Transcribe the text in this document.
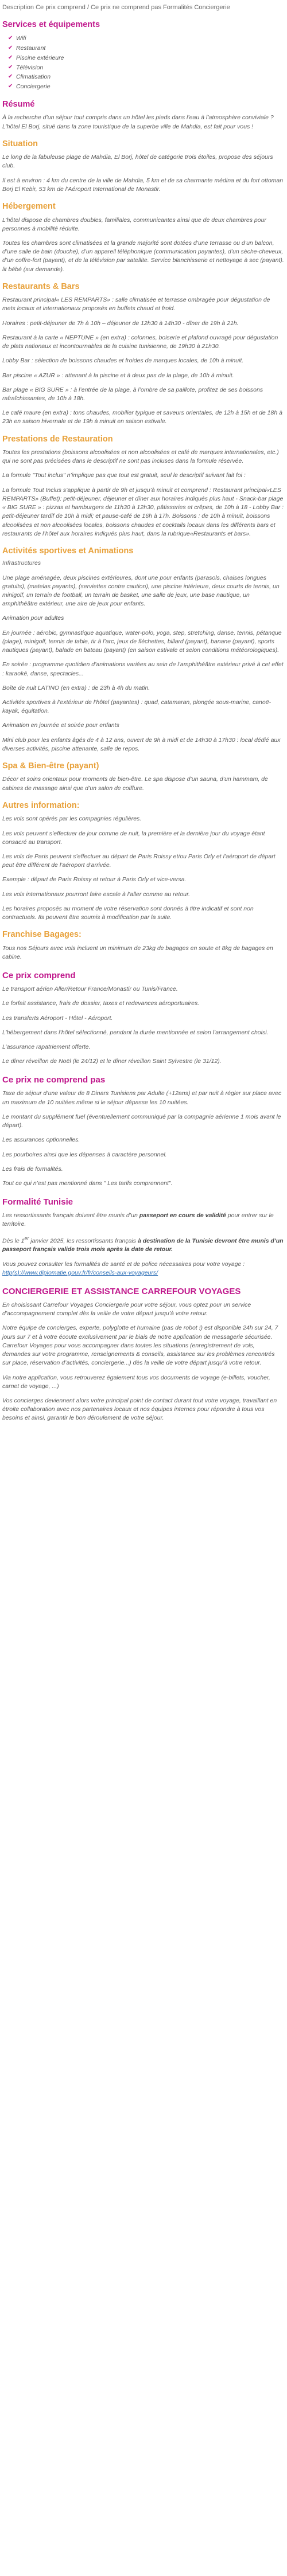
Description Ce prix comprend / Ce prix ne comprend pas Formalités Conciergerie
Services et équipements
✔ Wifi
✔ Restaurant
✔ Piscine extérieure
✔ Télévision
✔ Climatisation
✔ Conciergerie
Résumé

À la recherche d’un séjour tout compris dans un hôtel les pieds dans l’eau à l’atmosphère conviviale ? L’hôtel El Borj, situé dans la zone touristique de la superbe ville de Mahdia, est fait pour vous !

Situation

Le long de la fabuleuse plage de Mahdia, El Borj, hôtel de catégorie trois étoiles, propose des séjours club.

Il est à environ : 4 km du centre de la ville de Mahdia, 5 km et de sa charmante médina et du fort ottoman Borj El Kebir, 53 km de l’Aéroport International de Monastir.

Hébergement

L’hôtel dispose de chambres doubles, familiales, communicantes ainsi que de deux chambres pour personnes à mobilité réduite.

Toutes les chambres sont climatisées et la grande majorité sont dotées d’une terrasse ou d’un balcon, d’une salle de bain (douche), d’un appareil téléphonique (communication payantes), d’un sèche-cheveux, d’un coffre-fort (payant), et de la télévision par satellite. Service blanchisserie et nettoyage à sec (payant). lit bébé (sur demande).

Restaurants & Bars

Restaurant principal« LES REMPARTS» : salle climatisée et terrasse ombragée pour dégustation de mets locaux et internationaux proposés en buffets chaud et froid.

Horaires : petit-déjeuner de 7h à 10h – déjeuner de 12h30 à 14h30 - dîner de 19h à 21h.

Restaurant à la carte « NEPTUNE » (en extra) : colonnes, boiserie et plafond ouvragé pour dégustation de plats nationaux et incontournables de la cuisine tunisienne, de 19h30 à 21h30.

Lobby Bar : sélection de boissons chaudes et froides de marques locales, de 10h à minuit.

Bar piscine « AZUR » : attenant à la piscine et à deux pas de la plage, de 10h à minuit.

Bar plage « BIG SURE » : à l’entrée de la plage, à l’ombre de sa paillote, profitez de ses boissons rafraîchissantes, de 10h à 18h.

Le café maure (en extra) : tons chaudes, mobilier typique et saveurs orientales, de 12h à 15h et de 18h à 23h en saison hivernale et de 19h à minuit en saison estivale.

Prestations de Restauration

Toutes les prestations (boissons alcoolisées et non alcoolisées et café de marques internationales, etc.) qui ne sont pas précisées dans le descriptif ne sont pas incluses dans la formule réservée.

La formule "Tout inclus" n’implique pas que tout est gratuit, seul le descriptif suivant fait foi :

La formule Tout Inclus s’applique à partir de 9h et jusqu’à minuit et comprend : Restaurant principal«LES REMPARTS» (Buffet): petit-déjeuner, déjeuner et dîner aux horaires indiqués plus haut - Snack-bar plage « BIG SURE » : pizzas et hamburgers de 11h30 à 12h30, pâtisseries et crêpes, de 10h à 18 - Lobby Bar : petit-déjeuner tardif de 10h à midi; et pause-café de 16h à 17h. Boissons : de 10h à minuit, boissons alcoolisées et non alcoolisées locales, boissons chaudes et cocktails locaux dans les différents bars et restaurants de l’hôtel aux horaires indiqués plus haut, dans la rubrique«Restaurants et bars».

Activités sportives et Animations

Infrastructures

Une plage aménagée, deux piscines extérieures, dont une pour enfants (parasols, chaises longues gratuits), (matelas payants), (serviettes contre caution), une piscine intérieure, deux courts de tennis, un minigolf, un terrain de football, un terrain de basket, une salle de jeux, une base nautique, un amphithéâtre extérieur, une aire de jeux pour enfants.

Animation pour adultes

En journée : aérobic, gymnastique aquatique, water-polo, yoga, step, stretching, danse, tennis, pétanque (plage), minigolf, tennis de table, tir à l’arc, jeux de fléchettes, billard (payant), banane (payant), sports nautiques (payant), balade en bateau (payant) (en saison estivale et selon conditions météorologiques).

En soirée : programme quotidien d’animations variées au sein de l’amphithéâtre extérieur privé à cet effet : karaoké, danse, spectacles...

Boîte de nuit LATINO (en extra) : de 23h à 4h du matin.

Activités sportives à l’extérieur de l’hôtel (payantes) : quad, catamaran, plongée sous-marine, canoë-kayak, équitation.

Animation en journée et soirée pour enfants

Mini club pour les enfants âgés de 4 à 12 ans, ouvert de 9h à midi et de 14h30 à 17h30 : local dédié aux diverses activités, piscine attenante, salle de repos.

Spa & Bien-être (payant)

Décor et soins orientaux pour moments de bien-être. Le spa dispose d’un sauna, d’un hammam, de cabines de massage ainsi que d’un salon de coiffure.

Autres information:

Les vols sont opérés par les compagnies régulières.

Les vols peuvent s’effectuer de jour comme de nuit, la première et la dernière jour du voyage étant consacré au transport.

Les vols de Paris peuvent s’effectuer au départ de Paris Roissy et/ou Paris Orly et l’aéroport de départ peut être différent de l’aéroport d’arrivée.

Exemple : départ de Paris Roissy et retour à Paris Orly et vice-versa.

Les vols internationaux pourront faire escale à l’aller comme au retour.

Les horaires proposés au moment de votre réservation sont donnés à titre indicatif et sont non contractuels. Ils peuvent être soumis à modification par la suite.

Franchise Bagages:

Tous nos Séjours avec vols incluent un minimum de 23kg de bagages en soute et 8kg de bagages en cabine.

Ce prix comprend

Le transport aérien Aller/Retour France/Monastir ou Tunis/France.

Le forfait assistance, frais de dossier, taxes et redevances aéroportuaires.

Les transferts Aéroport - Hôtel - Aéroport.

L’hébergement dans l’hôtel sélectionné, pendant la durée mentionnée et selon l’arrangement choisi.

L’assurance rapatriement offerte.

Le dîner réveillon de Noël (le 24/12) et le dîner réveillon Saint Sylvestre (le 31/12).

Ce prix ne comprend pas

Taxe de séjour d’une valeur de 8 Dinars Tunisiens par Adulte (+12ans) et par nuit à régler sur place avec un maximum de 10 nuitées même si le séjour dépasse les 10 nuitées.

Le montant du supplément fuel (éventuellement communiqué par la compagnie aérienne 1 mois avant le départ).

Les assurances optionnelles.

Les pourboires ainsi que les dépenses à caractère personnel.

Les frais de formalités.

Tout ce qui n’est pas mentionné dans " Les tarifs comprennent".

Formalité Tunisie

Les ressortissants français doivent être munis d’un passeport en cours de validité pour entrer sur le territoire.

Dès le 1er janvier 2025, les ressortissants français à destination de la Tunisie devront être munis d’un passeport français valide trois mois après la date de retour.

Vous pouvez consulter les formalités de santé et de police nécessaires pour votre voyage : http(s)://www.diplomatie.gouv.fr/fr/conseils-aux-voyageurs/

CONCIERGERIE ET ASSISTANCE CARREFOUR VOYAGES

En choisissant Carrefour Voyages Conciergerie pour votre séjour, vous optez pour un service d’accompagnement complet dès la veille de votre départ jusqu’à votre retour.

Notre équipe de concierges, experte, polyglotte et humaine (pas de robot !) est disponible 24h sur 24, 7 jours sur 7 et à votre écoute exclusivement par le biais de notre application de messagerie sécurisée. Carrefour Voyages pour vous accompagner dans toutes les situations (enregistrement de vols, demandes sur votre programme, renseignements & conseils, assistance sur les problèmes rencontrés sur place, réservation d’activités, conciergerie...) dès la veille de votre départ jusqu’à votre retour.

Via notre application, vous retrouverez également tous vos documents de voyage (e-billets, voucher, carnet de voyage, ...)

Vos concierges deviennent alors votre principal point de contact durant tout votre voyage, travaillant en étroite collaboration avec nos partenaires locaux et nos équipes internes pour répondre à tous vos besoins et ainsi, garantir le bon déroulement de votre séjour.
